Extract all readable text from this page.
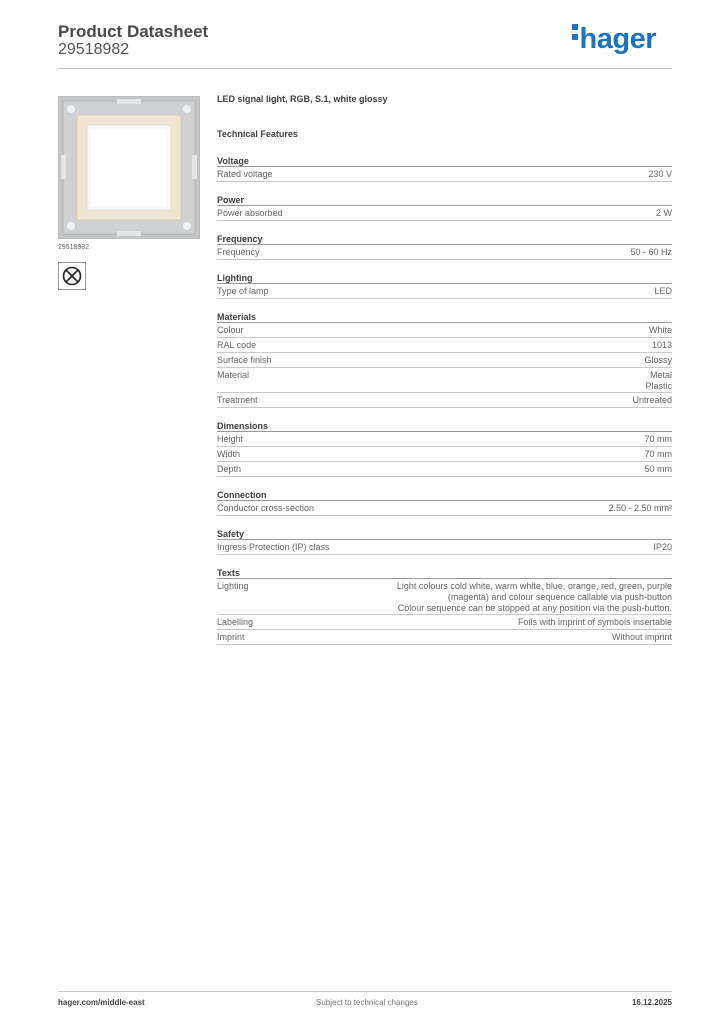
Product Datasheet
29518982	hager
29518982
LED signal light, RGB, S.1, white glossy
Technical Features
Voltage
Rated voltage	230 V
Power
Power absorbed	2 W
Frequency
Frequency	50 - 60 Hz
Lighting
Type of lamp	LED
Materials
Colour	White
RAL code	1013
Surface finish	Glossy
Material	Metal
Plastic
Treatment	Untreated
Dimensions
Height	70 mm
Width	70 mm
Depth	50 mm
Connection
Conductor cross-section	2.50 - 2.50 mm²
Safety
Ingress Protection (IP) class	IP20
Texts
Lighting	Light colours cold white, warm white, blue, orange, red, green, purple
(magenta) and colour sequence callable via push-button
Colour sequence can be stopped at any position via the push-button.
Labelling	Foils with imprint of symbols insertable
Imprint	Without imprint
hager.com/middle-east	Subject to technical changes	16.12.2025
